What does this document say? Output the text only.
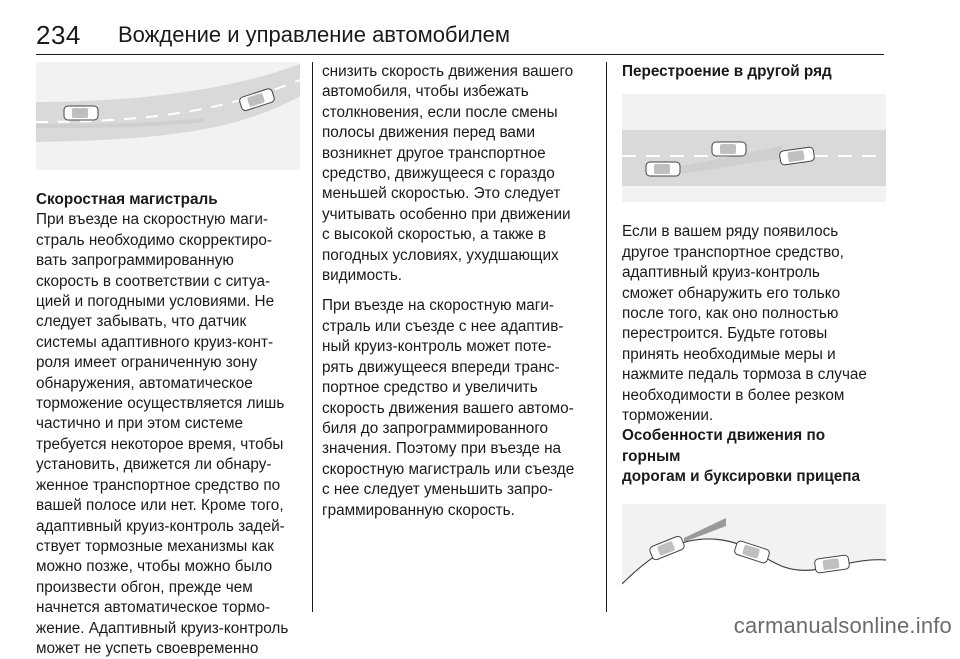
234 Вождение и управление автомобилем

Скоростная магистраль

При въезде на скоростную маги-
страль необходимо скорректиро-
вать запрограммированную
скорость в соответствии с ситуа-
цией и погодными условиями. Не
следует забывать, что датчик
системы адаптивного круиз-конт-
роля имеет ограниченную зону
обнаружения, автоматическое
торможение осуществляется лишь
частично и при этом системе
требуется некоторое время, чтобы
установить, движется ли обнару-
женное транспортное средство по
вашей полосе или нет. Кроме того,
адаптивный круиз-контроль задей-
ствует тормозные механизмы как
можно позже, чтобы можно было
произвести обгон, прежде чем
начнется автоматическое тормо-
жение. Адаптивный круиз-контроль
может не успеть своевременно

снизить скорость движения вашего
автомобиля, чтобы избежать
столкновения, если после смены
полосы движения перед вами
возникнет другое транспортное
средство, движущееся с гораздо
меньшей скоростью. Это следует
учитывать особенно при движении
с высокой скоростью, а также в
погодных условиях, ухудшающих
видимость.

При въезде на скоростную маги-
страль или съезде с нее адаптив-
ный круиз-контроль может поте-
рять движущееся впереди транс-
портное средство и увеличить
скорость движения вашего автомо-
биля до запрограммированного
значения. Поэтому при въезде на
скоростную магистраль или съезде
с нее следует уменьшить запро-
граммированную скорость.

Перестроение в другой ряд

Если в вашем ряду появилось
другое транспортное средство,
адаптивный круиз-контроль
сможет обнаружить его только
после того, как оно полностью
перестроится. Будьте готовы
принять необходимые меры и
нажмите педаль тормоза в случае
необходимости в более резком
торможении.

Особенности движения по горным
дорогам и буксировки прицепа

carmanualsonline.info
